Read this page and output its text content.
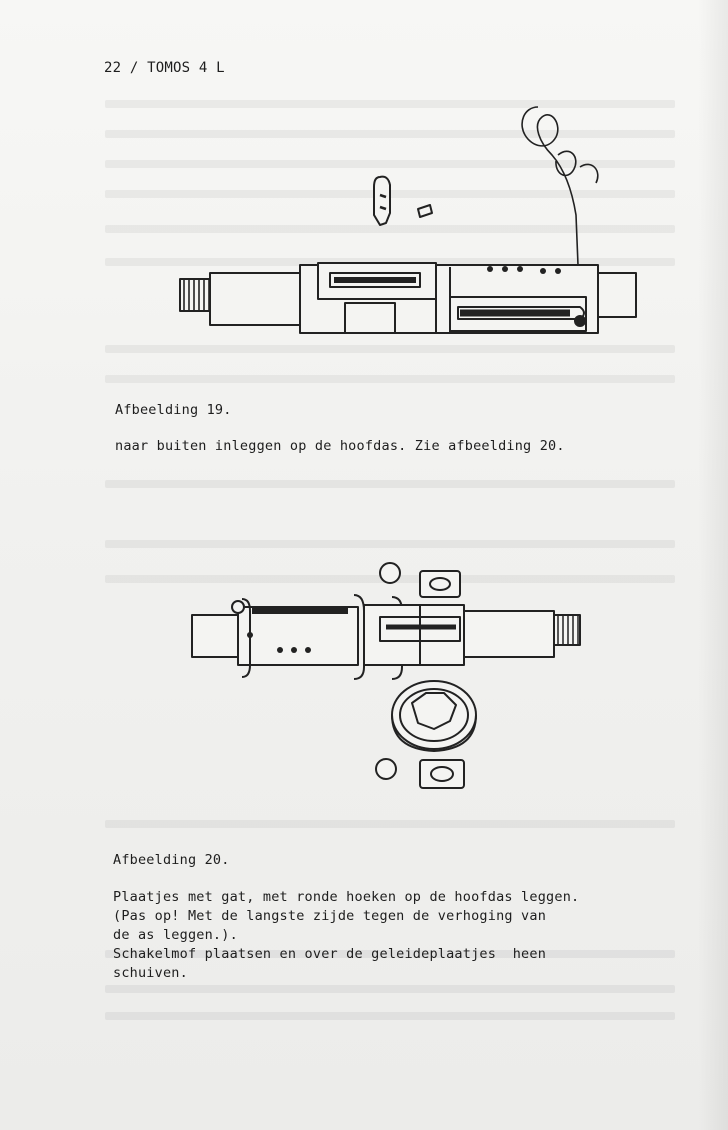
22 / TOMOS 4 L
Afbeelding 19.
naar buiten inleggen op de hoofdas. Zie afbeelding 20.
Afbeelding 20.
Plaatjes met gat, met ronde hoeken op de hoofdas leggen.
(Pas op! Met de langste zijde tegen de verhoging van
de as leggen.).
Schakelmof plaatsen en over de geleideplaatjes  heen
schuiven.
